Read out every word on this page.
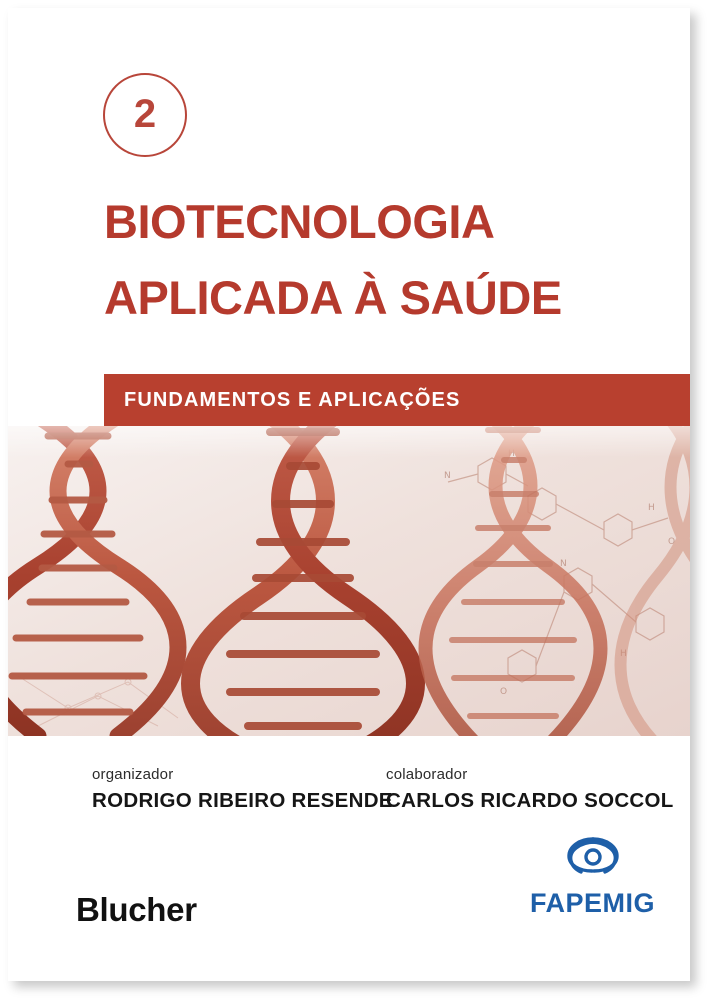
2
BIOTECNOLOGIA
APLICADA À SAÚDE
FUNDAMENTOS E APLICAÇÕES
O
N
H
O
organizador
RODRIGO RIBEIRO RESENDE
colaborador
CARLOS RICARDO SOCCOL
Blucher	FAPEMIG
